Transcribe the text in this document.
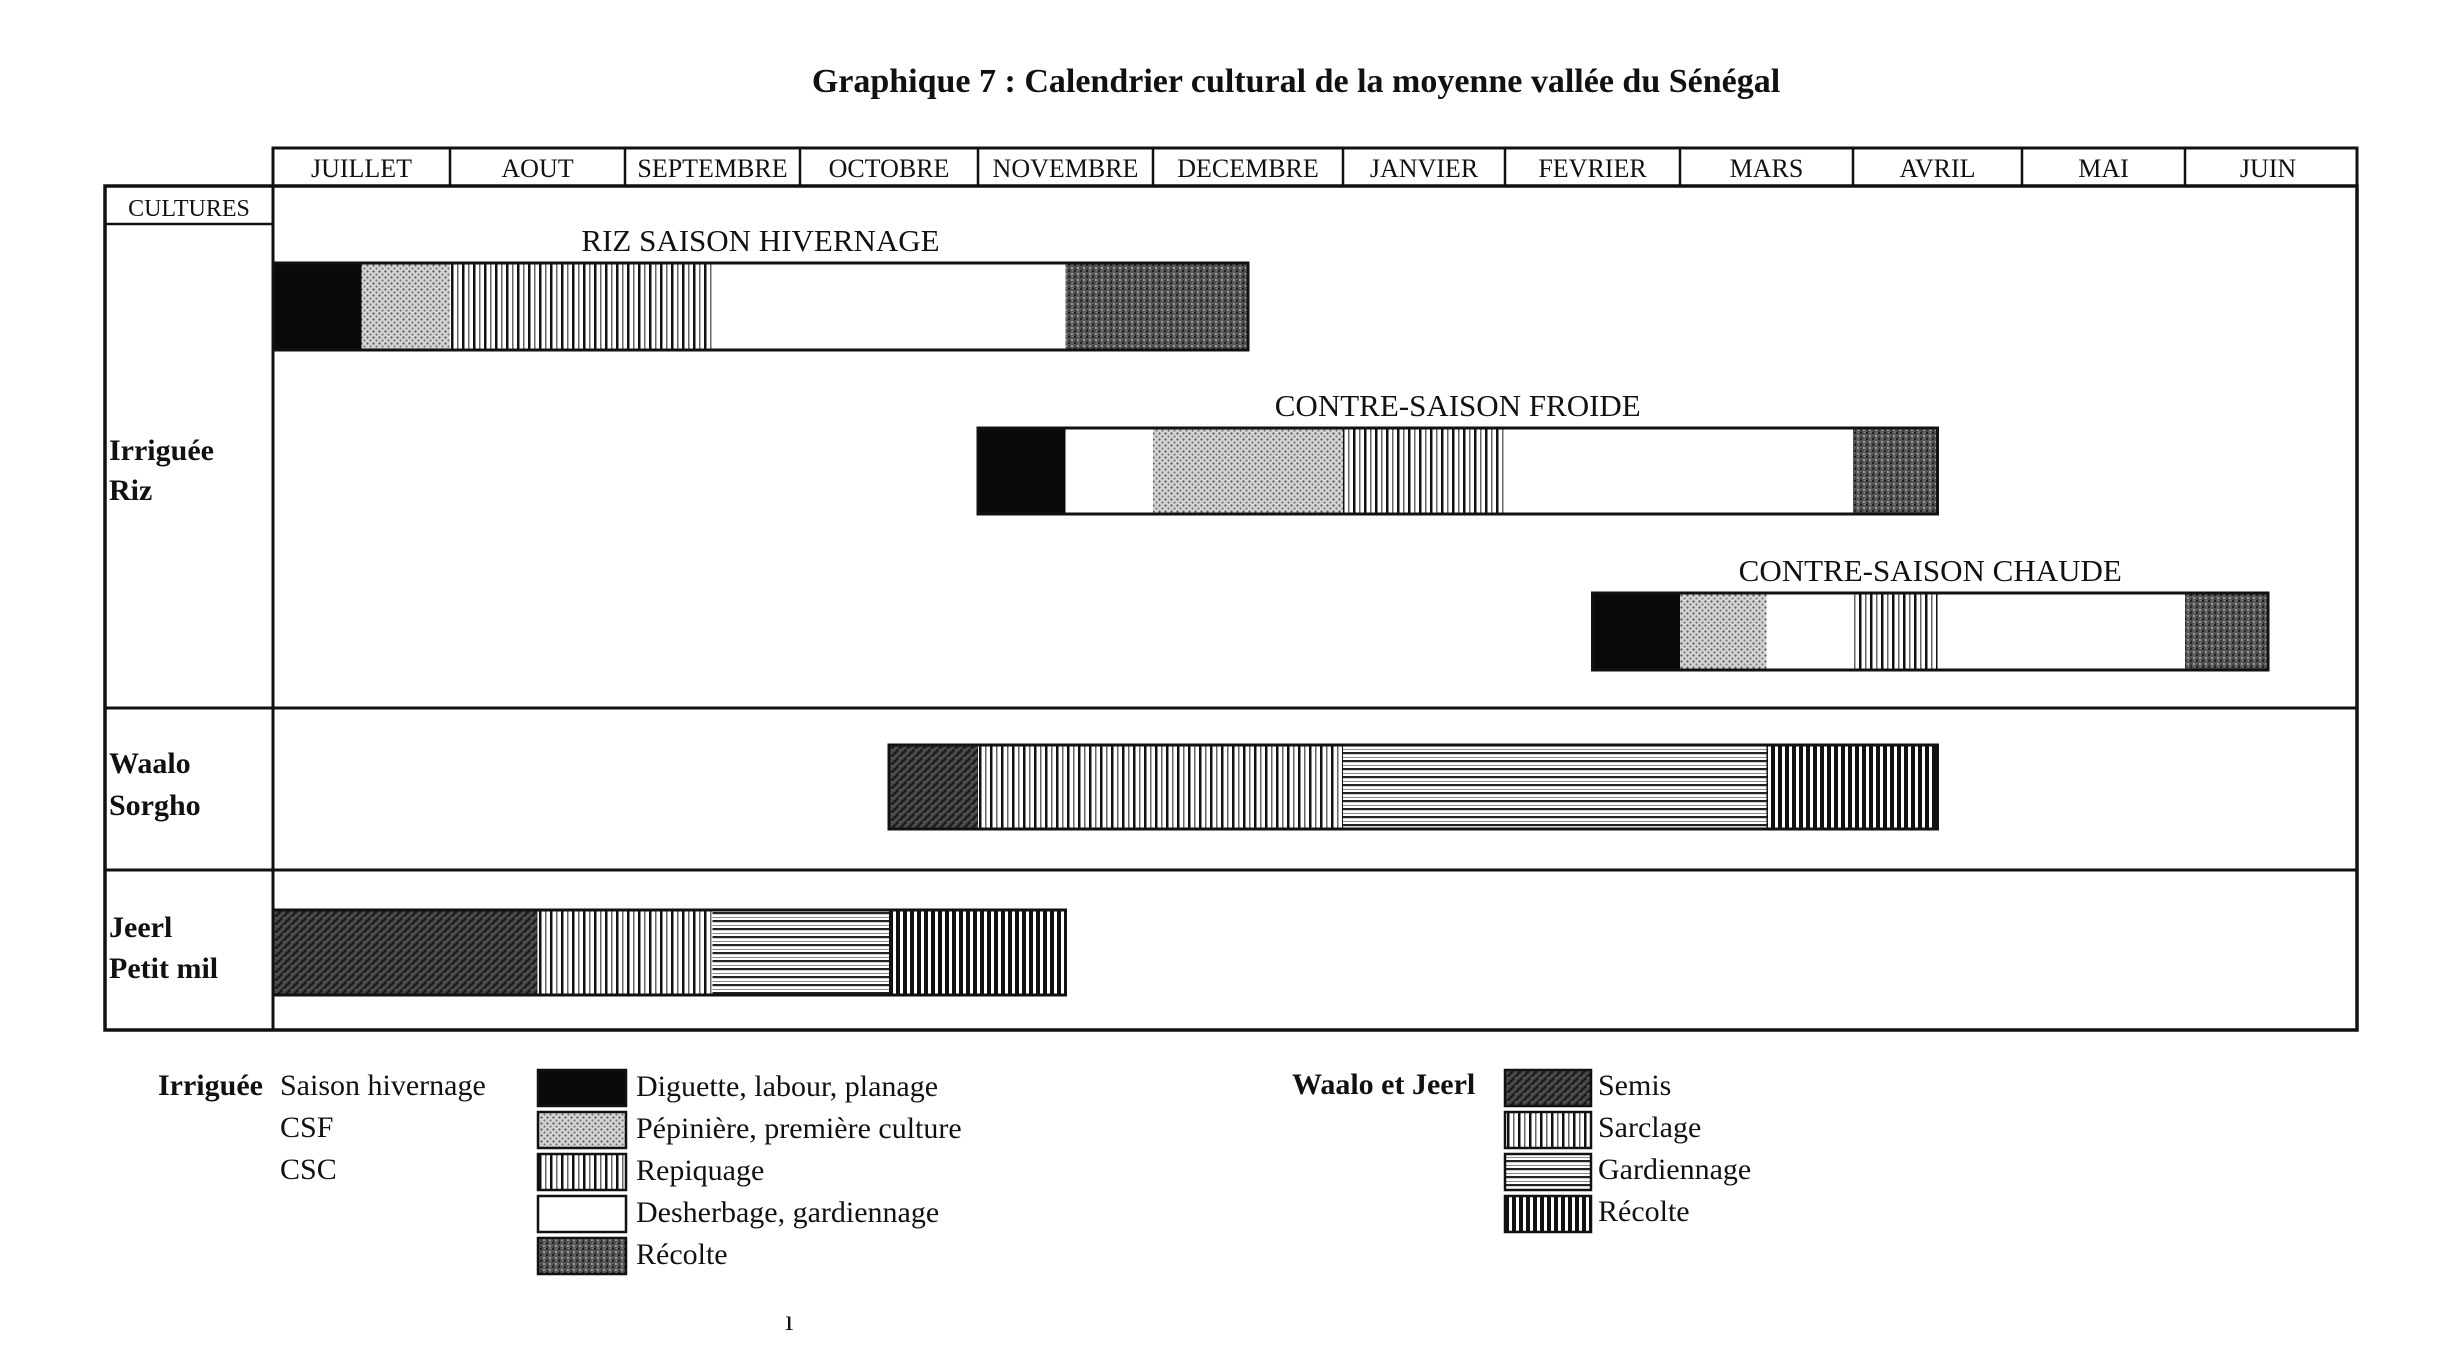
Graphique 7 : Calendrier cultural de la moyenne vallée du Sénégal
CULTURES
JUILLET	AOUT SEPTEMBRE OCTOBRE NOVEMBRE DECEMBRE JANVIER FEVRIER	MARS	AVRIL	MAI	JUIN
Irriguée
Riz
Waalo
Sorgho
Jeerl
Petit mil
RIZ SAISON HIVERNAGE
CONTRE-SAISON FROIDE
CONTRE-SAISON CHAUDE
Irriguée Saison hivernage
CSF
CSC
Diguette, labour, planage
Pépinière, première culture
Repiquage
Desherbage, gardiennage
Récolte
Waalo et Jeerl	Semis
Sarclage
Gardiennage
Récolte
ı
